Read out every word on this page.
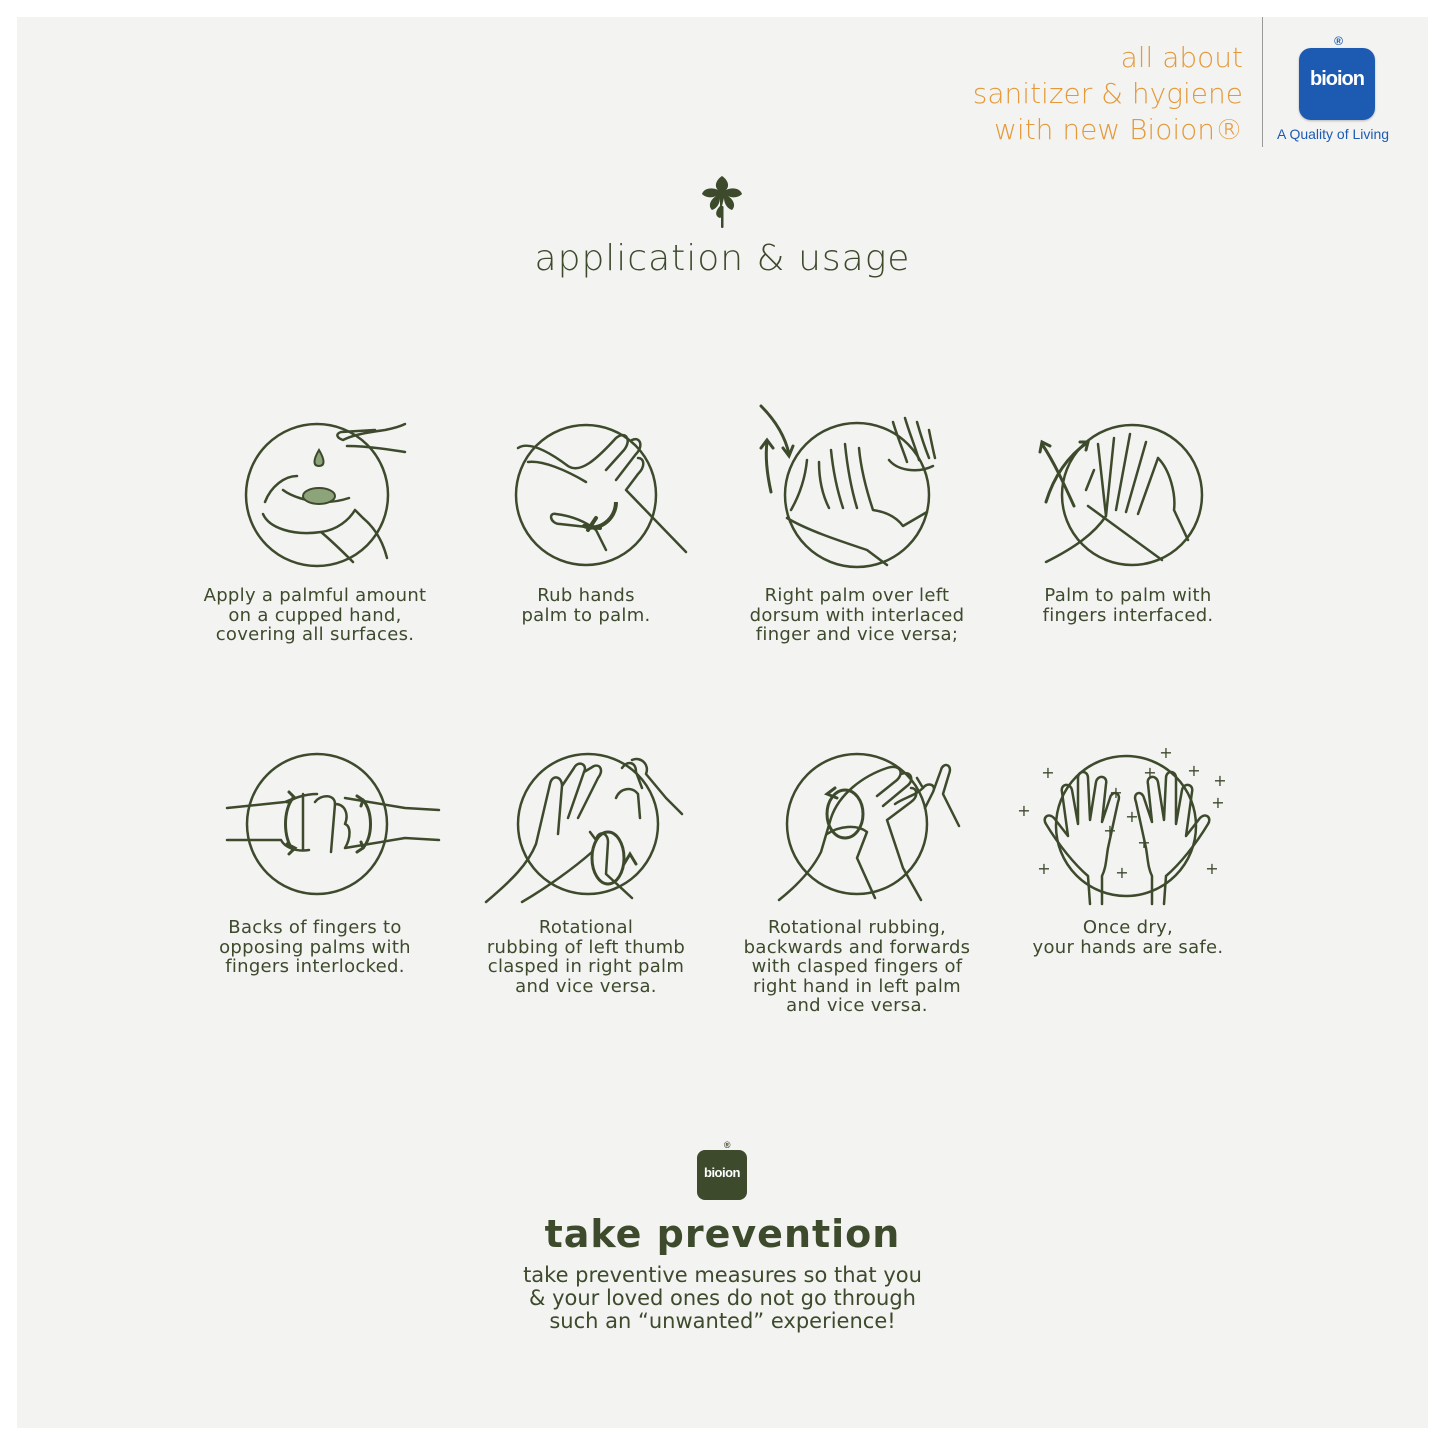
all about
sanitizer & hygiene
with new Bioion®
bioion
®
A Quality of Living
application & usage
Apply a palmful amount
on a cupped hand,
covering all surfaces.
Rub hands
palm to palm.
Right palm over left
dorsum with interlaced
finger and vice versa;
Palm to palm with
fingers interfaced.
Backs of fingers to
opposing palms with
fingers interlocked.
Rotational
rubbing of left thumb
clasped in right palm
and vice versa.
Rotational rubbing,
backwards and forwards
with clasped fingers of
right hand in left palm
and vice versa.
+
+
+
+
+
+
+
+
+
+ +
+
+
+
Once dry,
your hands are safe.
bioion
®
take prevention
take preventive measures so that you
& your loved ones do not go through
such an “unwanted” experience!
